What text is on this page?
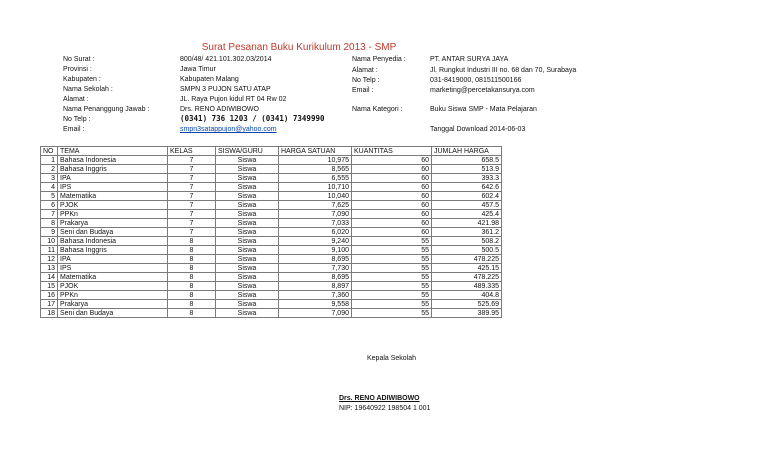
Surat Pesanan Buku Kurikulum 2013 - SMP
No Surat :	800/48/ 421.101.302.03/2014
Provinsi :	Jawa Timur
Kabupaten :	Kabupaten Malang
Nama Sekolah :	SMPN 3 PUJON SATU ATAP
Alamat :	JL. Raya Pujon kidul RT 04 Rw 02
Nama Penanggung Jawab :	Drs. RENO ADIWIBOWO
No Telp :	(0341) 736 1203 / (0341) 7349990
Email :	smpn3satappujon@yahoo.com
Nama Penyedia :	PT. ANTAR SURYA JAYA
Alamat :	Jl. Rungkut Industri III no. 68 dan 70, Surabaya
No Telp :	031-8419000, 081511500166
Email :	marketing@percetakansurya.com
Nama Kategori :	Buku Siswa SMP - Mata Pelajaran
Tanggal Download 2014-06-03
NO	TEMA	KELAS	SISWA/GURU	HARGA SATUAN	KUANTITAS	JUMLAH HARGA
1	Bahasa Indonesia	7	Siswa	10,975	60	658.5
2	Bahasa Inggris	7	Siswa	8,565	60	513.9
3	IPA	7	Siswa	6,555	60	393.3
4	IPS	7	Siswa	10,710	60	642.6
5	Matematika	7	Siswa	10,040	60	602.4
6	PJOK	7	Siswa	7,625	60	457.5
7	PPKn	7	Siswa	7,090	60	425.4
8	Prakarya	7	Siswa	7,033	60	421.98
9	Seni dan Budaya	7	Siswa	6,020	60	361.2
10	Bahasa Indonesia	8	Siswa	9,240	55	508.2
11	Bahasa Inggris	8	Siswa	9,100	55	500.5
12	IPA	8	Siswa	8,695	55	478.225
13	IPS	8	Siswa	7,730	55	425.15
14	Matematika	8	Siswa	8,695	55	478.225
15	PJOK	8	Siswa	8,897	55	489.335
16	PPKn	8	Siswa	7,360	55	404.8
17	Prakarya	8	Siswa	9,558	55	525.69
18	Seni dan Budaya	8	Siswa	7,090	55	389.95
Kepala Sekolah
Drs. RENO ADIWIBOWO
NIP: 19640922 198504 1 001
